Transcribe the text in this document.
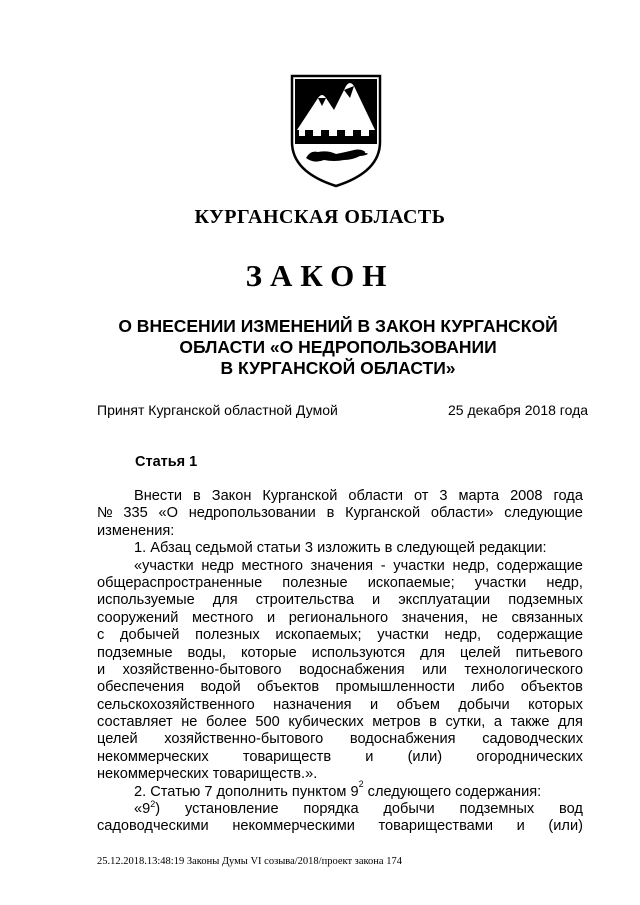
КУРГАНСКАЯ ОБЛАСТЬ
ЗАКОН
О ВНЕСЕНИИ ИЗМЕНЕНИЙ В ЗАКОН КУРГАНСКОЙ
ОБЛАСТИ «О НЕДРОПОЛЬЗОВАНИИ
В КУРГАНСКОЙ ОБЛАСТИ»
Принят Курганской областной Думой	25 декабря 2018 года
Статья 1
Внести в Закон Курганской области от 3 марта 2008 года
№ 335 «О недропользовании в Курганской области» следующие
изменения:
1. Абзац седьмой статьи 3 изложить в следующей редакции:
«участки недр местного значения - участки недр, содержащие
общераспространенные полезные ископаемые; участки недр,
используемые для строительства и эксплуатации подземных
сооружений местного и регионального значения, не связанных
с добычей полезных ископаемых; участки недр, содержащие
подземные воды, которые используются для целей питьевого
и хозяйственно-бытового водоснабжения или технологического
обеспечения водой объектов промышленности либо объектов
сельскохозяйственного назначения и объем добычи которых
составляет не более 500 кубических метров в сутки, а также для
целей хозяйственно-бытового водоснабжения садоводческих
некоммерческих товариществ и (или) огороднических
некоммерческих товариществ.».
2. Статью 7 дополнить пунктом 9 2 следующего содержания:
«$9^2$) установление порядка добычи подземных вод
садоводческими некоммерческими товариществами и (или)
25.12.2018.13:48:19 Законы Думы VI созыва/2018/проект закона 174
